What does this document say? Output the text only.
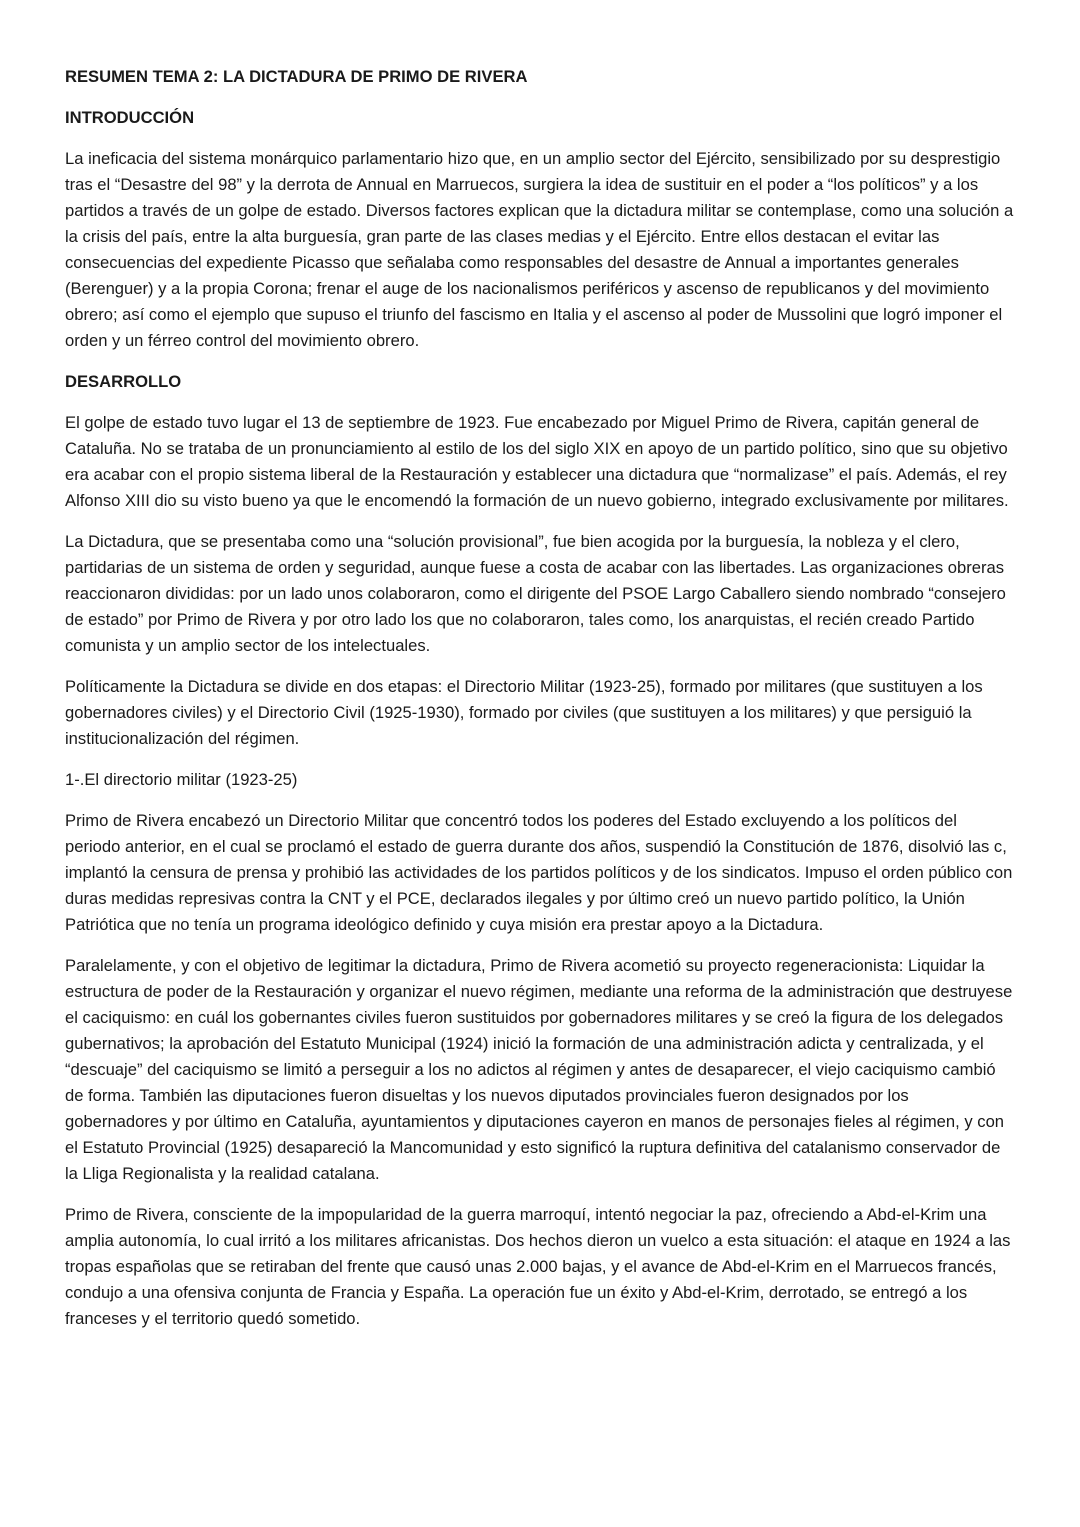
RESUMEN TEMA 2: LA DICTADURA DE PRIMO DE RIVERA
INTRODUCCIÓN

La ineficacia del sistema monárquico parlamentario hizo que, en un amplio sector del Ejército, sensibilizado por su desprestigio tras el “Desastre del 98” y la derrota de Annual en Marruecos, surgiera la idea de sustituir en el poder a “los políticos” y a los partidos a través de un golpe de estado. Diversos factores explican que la dictadura militar se contemplase, como una solución a la crisis del país, entre la alta burguesía, gran parte de las clases medias y el Ejército. Entre ellos destacan el evitar las consecuencias del expediente Picasso que señalaba como responsables del desastre de Annual a importantes generales (Berenguer) y a la propia Corona; frenar el auge de los nacionalismos periféricos y ascenso de republicanos y del movimiento obrero; así como el ejemplo que supuso el triunfo del fascismo en Italia y el ascenso al poder de Mussolini que logró imponer el orden y un férreo control del movimiento obrero.

DESARROLLO

El golpe de estado tuvo lugar el 13 de septiembre de 1923. Fue encabezado por Miguel Primo de Rivera, capitán general de Cataluña. No se trataba de un pronunciamiento al estilo de los del siglo XIX en apoyo de un partido político, sino que su objetivo era acabar con el propio sistema liberal de la Restauración y establecer una dictadura que “normalizase” el país. Además, el rey Alfonso XIII dio su visto bueno ya que le encomendó la formación de un nuevo gobierno, integrado exclusivamente por militares.

La Dictadura, que se presentaba como una “solución provisional”, fue bien acogida por la burguesía, la nobleza y el clero, partidarias de un sistema de orden y seguridad, aunque fuese a costa de acabar con las libertades. Las organizaciones obreras reaccionaron divididas: por un lado unos colaboraron, como el dirigente del PSOE Largo Caballero siendo nombrado “consejero de estado” por Primo de Rivera y por otro lado los que no colaboraron, tales como, los anarquistas, el recién creado Partido comunista y un amplio sector de los intelectuales.

Políticamente la Dictadura se divide en dos etapas: el Directorio Militar (1923-25), formado por militares (que sustituyen a los gobernadores civiles) y el Directorio Civil (1925-1930), formado por civiles (que sustituyen a los militares) y que persiguió la institucionalización del régimen.

1-.El directorio militar (1923-25)

Primo de Rivera encabezó un Directorio Militar que concentró todos los poderes del Estado excluyendo a los políticos del periodo anterior, en el cual se proclamó el estado de guerra durante dos años, suspendió la Constitución de 1876, disolvió las c, implantó la censura de prensa y prohibió las actividades de los partidos políticos y de los sindicatos. Impuso el orden público con duras medidas represivas contra la CNT y el PCE, declarados ilegales y por último creó un nuevo partido político, la Unión Patriótica que no tenía un programa ideológico definido y cuya misión era prestar apoyo a la Dictadura.

Paralelamente, y con el objetivo de legitimar la dictadura, Primo de Rivera acometió su proyecto regeneracionista: Liquidar la estructura de poder de la Restauración y organizar el nuevo régimen, mediante una reforma de la administración que destruyese el caciquismo: en cuál los gobernantes civiles fueron sustituidos por gobernadores militares y se creó la figura de los delegados gubernativos; la aprobación del Estatuto Municipal (1924) inició la formación de una administración adicta y centralizada, y el “descuaje” del caciquismo se limitó a perseguir a los no adictos al régimen y antes de desaparecer, el viejo caciquismo cambió de forma. También las diputaciones fueron disueltas y los nuevos diputados provinciales fueron designados por los gobernadores y por último en Cataluña, ayuntamientos y diputaciones cayeron en manos de personajes fieles al régimen, y con el Estatuto Provincial (1925) desapareció la Mancomunidad y esto significó la ruptura definitiva del catalanismo conservador de la Lliga Regionalista y la realidad catalana.

Primo de Rivera, consciente de la impopularidad de la guerra marroquí, intentó negociar la paz, ofreciendo a Abd-el-Krim una amplia autonomía, lo cual irritó a los militares africanistas. Dos hechos dieron un vuelco a esta situación: el ataque en 1924 a las tropas españolas que se retiraban del frente que causó unas 2.000 bajas, y el avance de Abd-el-Krim en el Marruecos francés, condujo a una ofensiva conjunta de Francia y España. La operación fue un éxito y Abd-el-Krim, derrotado, se entregó a los franceses y el territorio quedó sometido.
